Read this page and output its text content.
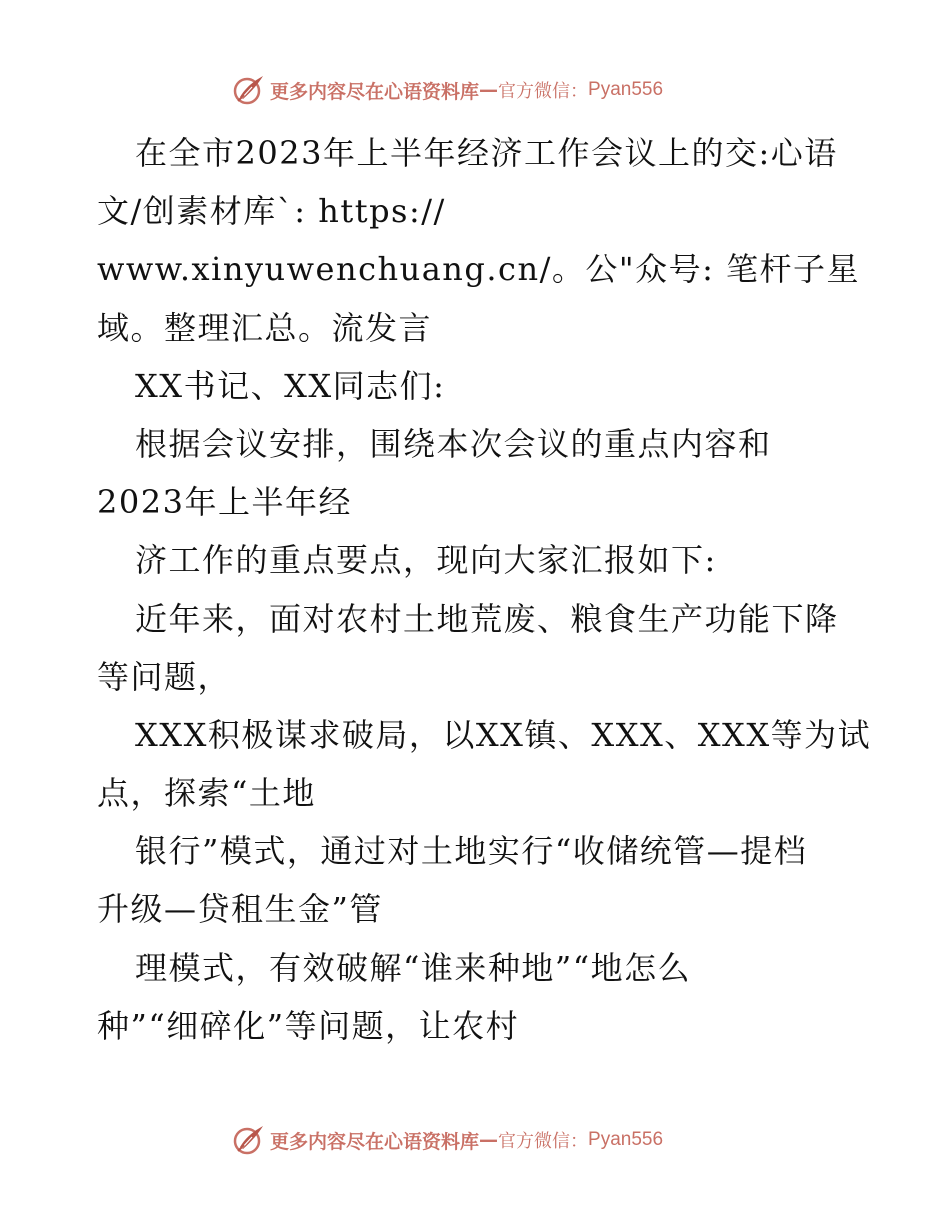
更多内容尽在心语资料库 — 官方微信： Pyan556
在全市2023年上半年经济工作会议上的交:心语
文/创素材库`: https://
www.xinyuwenchuang.cn/。公"众号: 笔杆子星
域。整理汇总。流发言
XX书记、XX同志们:
根据会议安排，围绕本次会议的重点内容和
2023年上半年经
济工作的重点要点，现向大家汇报如下:
近年来，面对农村土地荒废、粮食生产功能下降
等问题，
XXX积极谋求破局，以XX镇、XXX、XXX等为试
点，探索“土地
银行”模式，通过对土地实行“收储统管—提档
升级—贷租生金”管
理模式，有效破解“谁来种地”“地怎么
种”“细碎化”等问题，让农村
更多内容尽在心语资料库 — 官方微信： Pyan556
